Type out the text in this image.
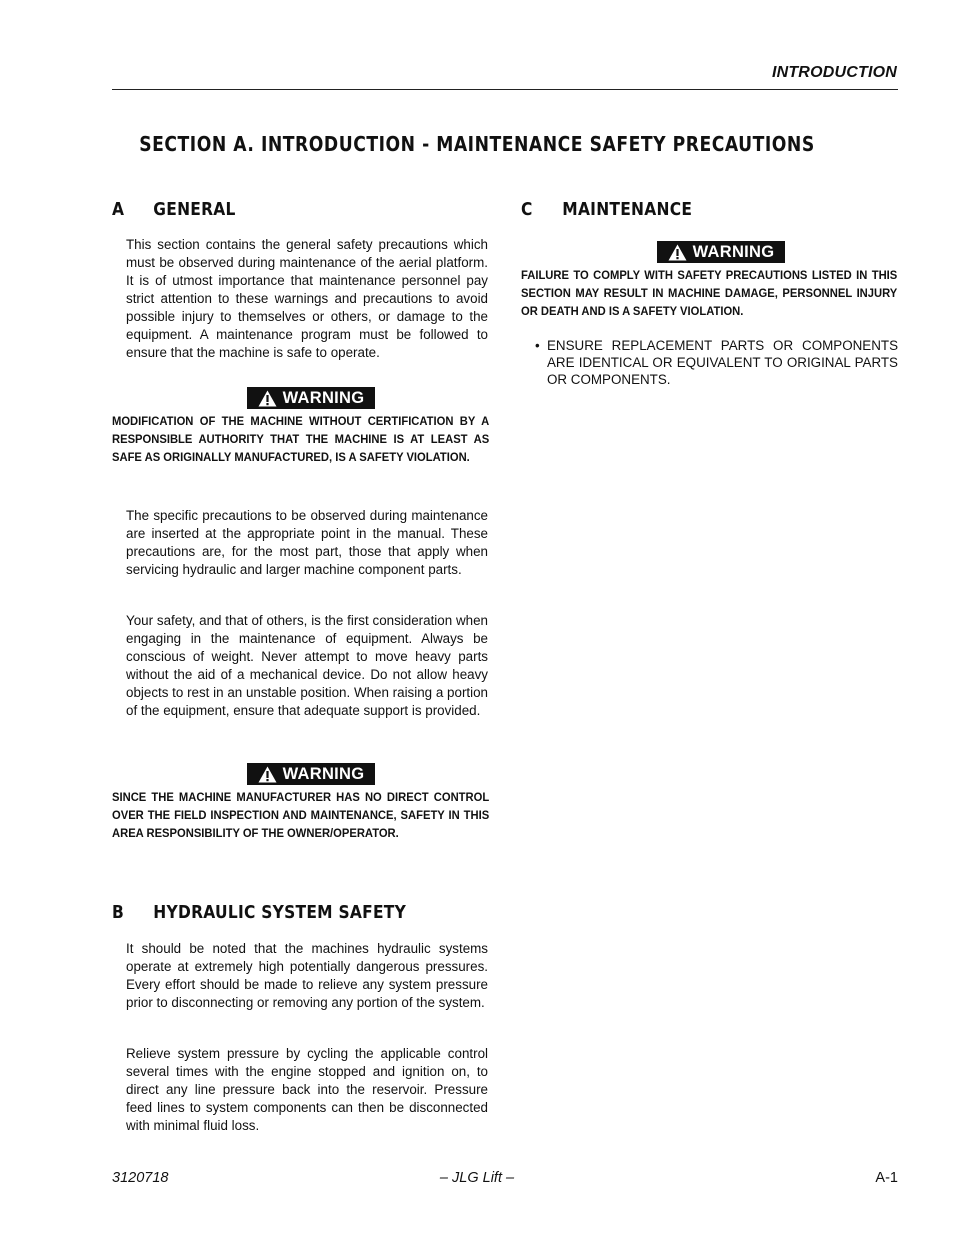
INTRODUCTION
SECTION A. INTRODUCTION - MAINTENANCE SAFETY PRECAUTIONS
A GENERAL

This section contains the general safety precautions which must be observed during maintenance of the aerial platform. It is of utmost importance that maintenance personnel pay strict attention to these warnings and precautions to avoid possible injury to themselves or others, or damage to the equipment. A maintenance program must be followed to ensure that the machine is safe to operate.

WARNING

MODIFICATION OF THE MACHINE WITHOUT CERTIFICATION BY A RESPONSIBLE AUTHORITY THAT THE MACHINE IS AT LEAST AS SAFE AS ORIGINALLY MANUFACTURED, IS A SAFETY VIOLATION.

The specific precautions to be observed during maintenance are inserted at the appropriate point in the manual. These precautions are, for the most part, those that apply when servicing hydraulic and larger machine component parts.

Your safety, and that of others, is the first consideration when engaging in the maintenance of equipment. Always be conscious of weight. Never attempt to move heavy parts without the aid of a mechanical device. Do not allow heavy objects to rest in an unstable position. When raising a portion of the equipment, ensure that adequate support is provided.

WARNING

SINCE THE MACHINE MANUFACTURER HAS NO DIRECT CONTROL OVER THE FIELD INSPECTION AND MAINTENANCE, SAFETY IN THIS AREA RESPONSIBILITY OF THE OWNER/OPERATOR.

B HYDRAULIC SYSTEM SAFETY

It should be noted that the machines hydraulic systems operate at extremely high potentially dangerous pressures. Every effort should be made to relieve any system pressure prior to disconnecting or removing any portion of the system.

Relieve system pressure by cycling the applicable control several times with the engine stopped and ignition on, to direct any line pressure back into the reservoir. Pressure feed lines to system components can then be disconnected with minimal fluid loss.

C MAINTENANCE
WARNING

FAILURE TO COMPLY WITH SAFETY PRECAUTIONS LISTED IN THIS SECTION MAY RESULT IN MACHINE DAMAGE, PERSONNEL INJURY OR DEATH AND IS A SAFETY VIOLATION.

• ENSURE REPLACEMENT PARTS OR COMPONENTS ARE IDENTICAL OR EQUIVALENT TO ORIGINAL PARTS OR COMPONENTS.
3120718	– JLG Lift –	A-1
